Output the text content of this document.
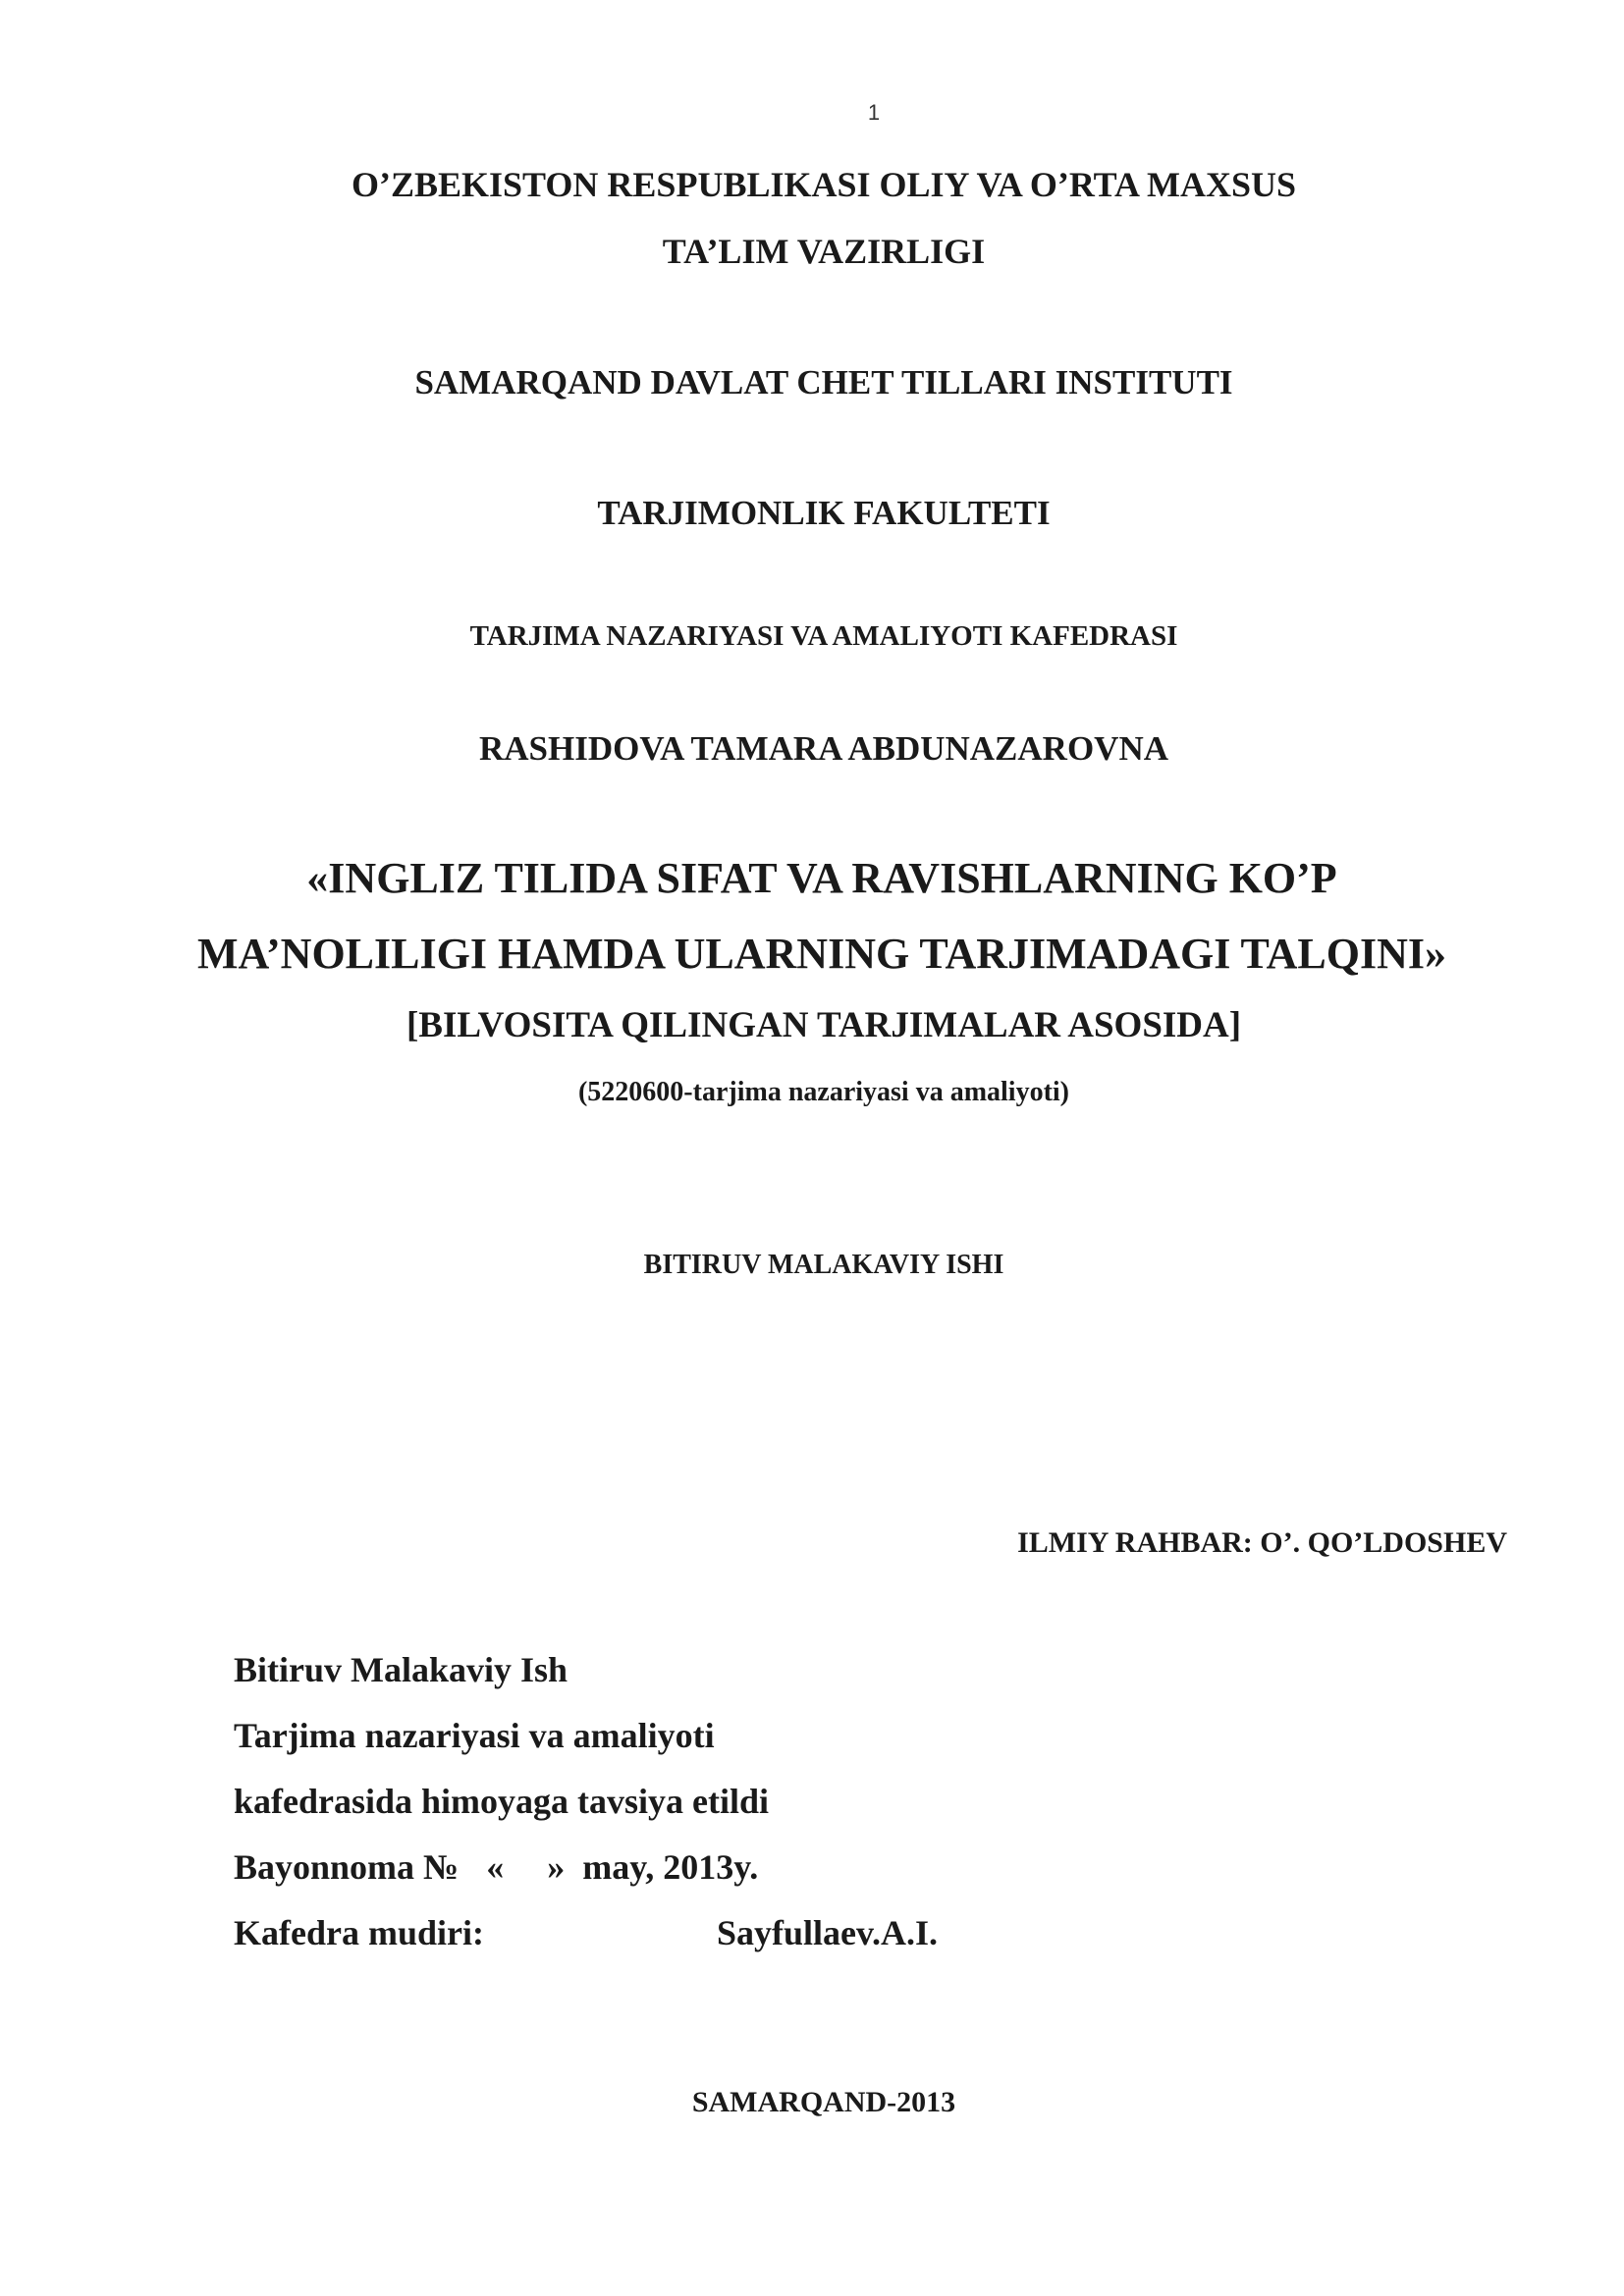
1

O’ZBEKISTON RESPUBLIKASI OLIY VA O’RTA MAXSUS

TA’LIM VAZIRLIGI

SAMARQAND DAVLAT CHET TILLARI INSTITUTI

TARJIMONLIK FAKULTETI

TARJIMA NAZARIYASI VA AMALIYOTI KAFEDRASI

RASHIDOVA TAMARA ABDUNAZAROVNA

«INGLIZ TILIDA SIFAT VA RAVISHLARNING KO’P
MA’NOLILIGI HAMDA ULARNING TARJIMADAGI TALQINI»

[BILVOSITA QILINGAN TARJIMALAR ASOSIDA]

(5220600-tarjima nazariyasi va amaliyoti)

BITIRUV MALAKAVIY ISHI

ILMIY RAHBAR: O’. QO’LDOSHEV

Bitiruv Malakaviy Ish
Tarjima nazariyasi va amaliyoti
kafedrasida himoyaga tavsiya etildi
Bayonnoma № « » may, 2013y.
Kafedra mudiri:	Sayfullaev.A.I.

SAMARQAND-2013
